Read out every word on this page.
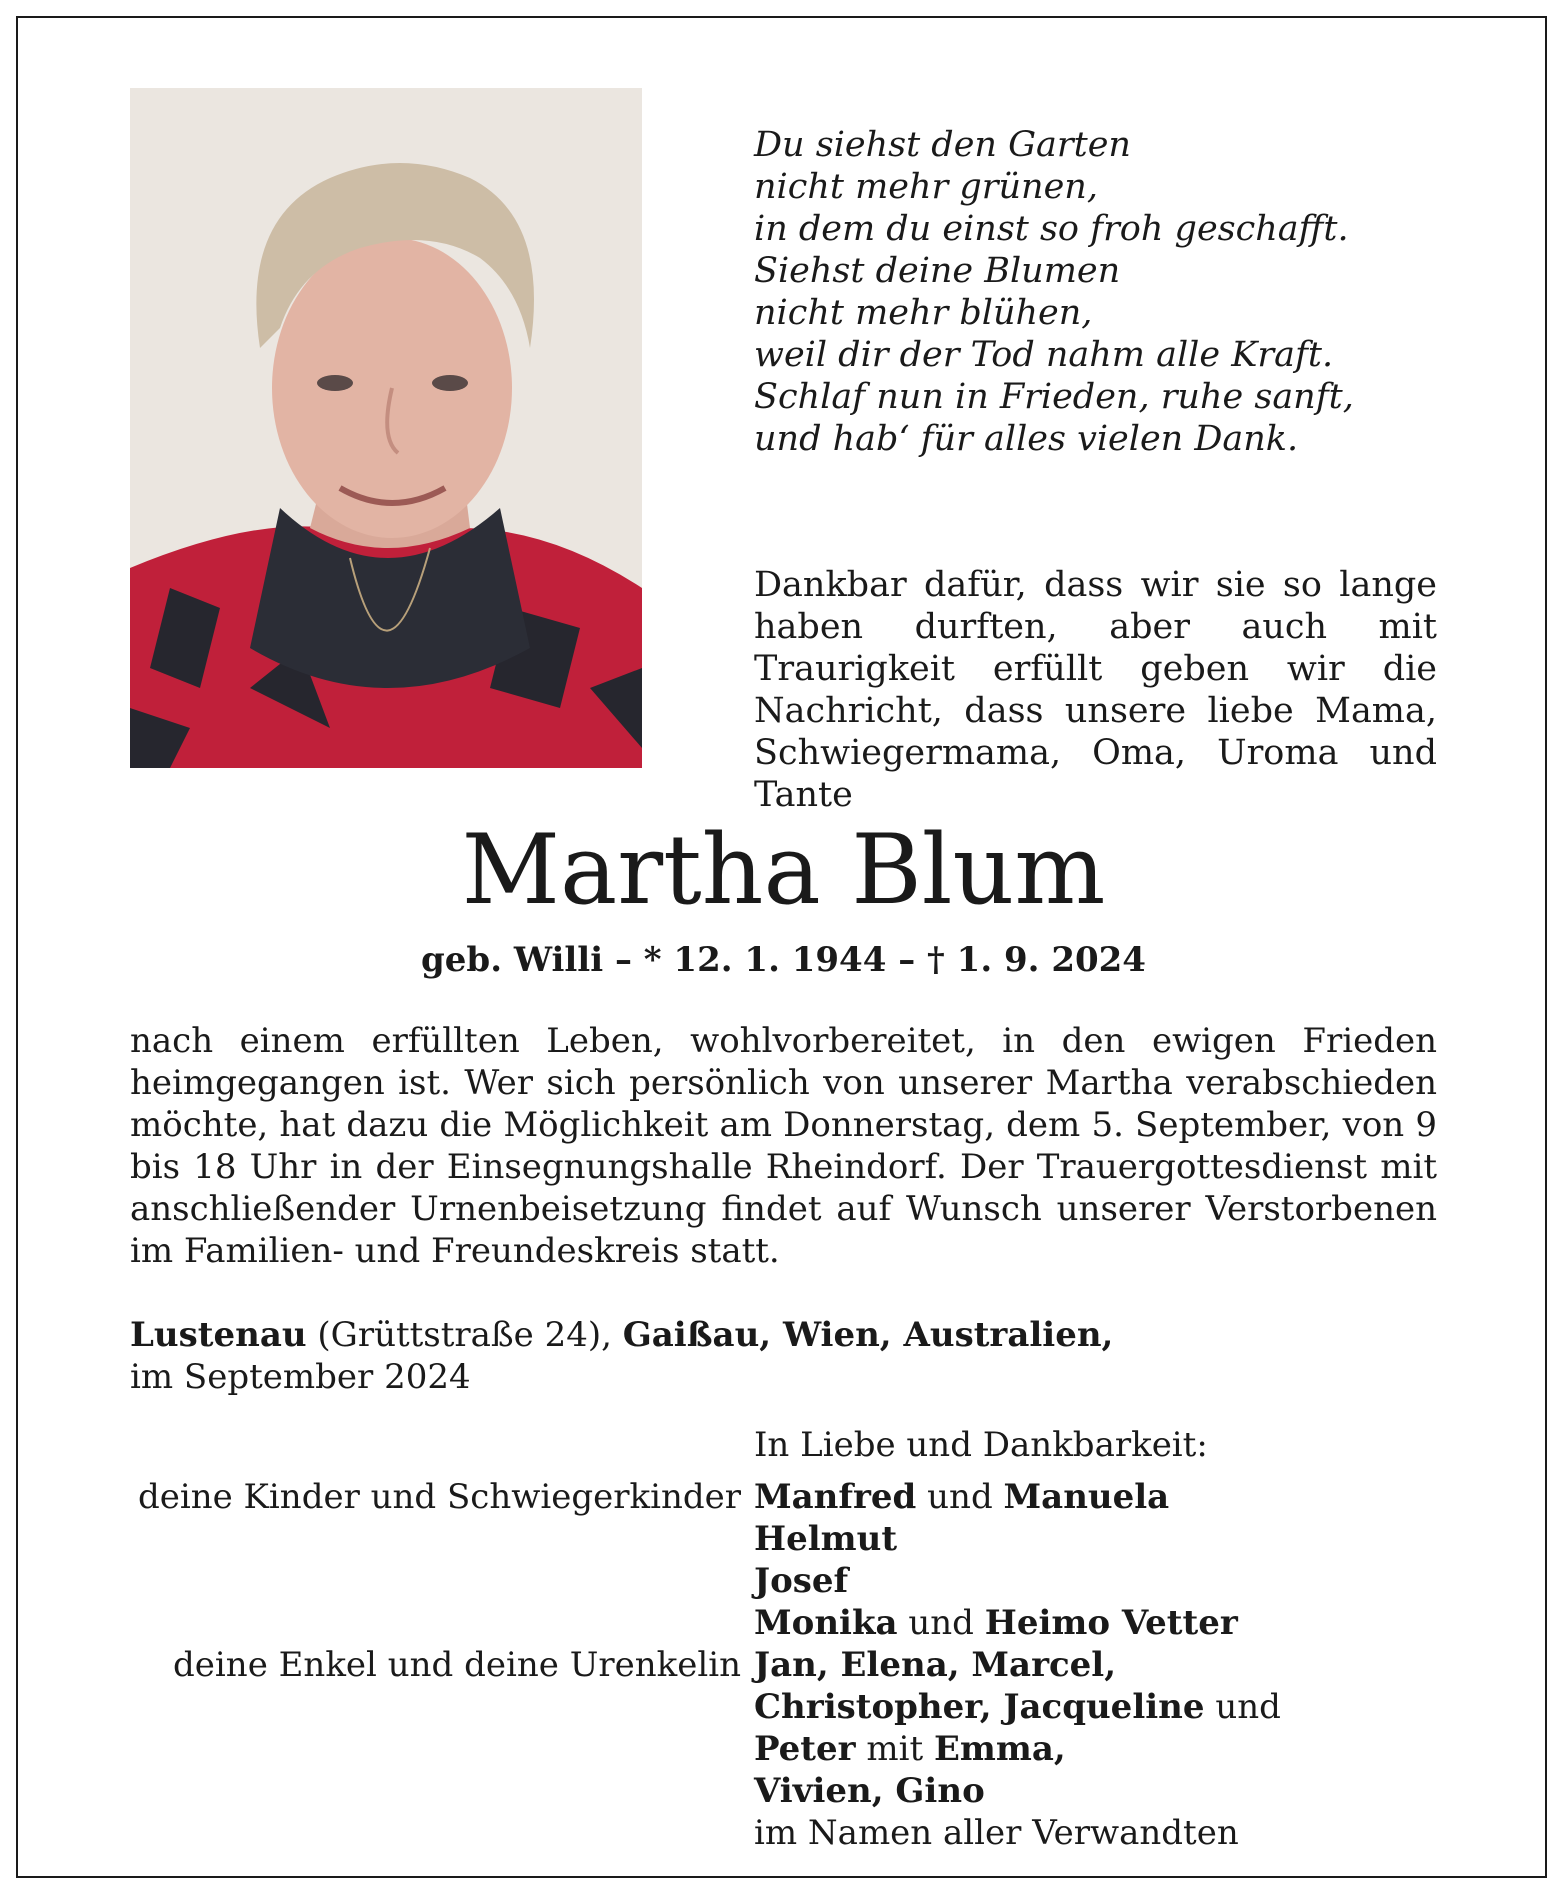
Du siehst den Garten
nicht mehr grünen,
in dem du einst so froh geschafft.
Siehst deine Blumen
nicht mehr blühen,
weil dir der Tod nahm alle Kraft.
Schlaf nun in Frieden, ruhe sanft,
und hab‘ für alles vielen Dank.

Dankbar dafür, dass wir sie so lange haben durften, aber auch mit Traurigkeit erfüllt geben wir die Nachricht, dass unsere liebe Mama, Schwiegermama, Oma, Uroma und Tante

Martha Blum
geb. Willi – * 12. 1. 1944 – † 1. 9. 2024

nach einem erfüllten Leben, wohlvorbereitet, in den ewigen Frieden heimgegangen ist. Wer sich persönlich von unserer Martha verabschieden möchte, hat dazu die Möglichkeit am Donnerstag, dem 5. September, von 9 bis 18 Uhr in der Einsegnungshalle Rheindorf. Der Trauergottesdienst mit anschließender Urnenbeisetzung findet auf Wunsch unserer Verstorbenen im Familien- und Freundeskreis statt.

Lustenau (Grüttstraße 24), Gaißau, Wien, Australien,
im September 2024
In Liebe und Dankbarkeit:
deine Kinder und Schwiegerkinder
deine Enkel und deine Urenkelin
Manfred und Manuela
Helmut
Josef
Monika und Heimo Vetter
Jan, Elena, Marcel,
Christopher, Jacqueline und
Peter mit Emma,
Vivien, Gino
im Namen aller Verwandten
